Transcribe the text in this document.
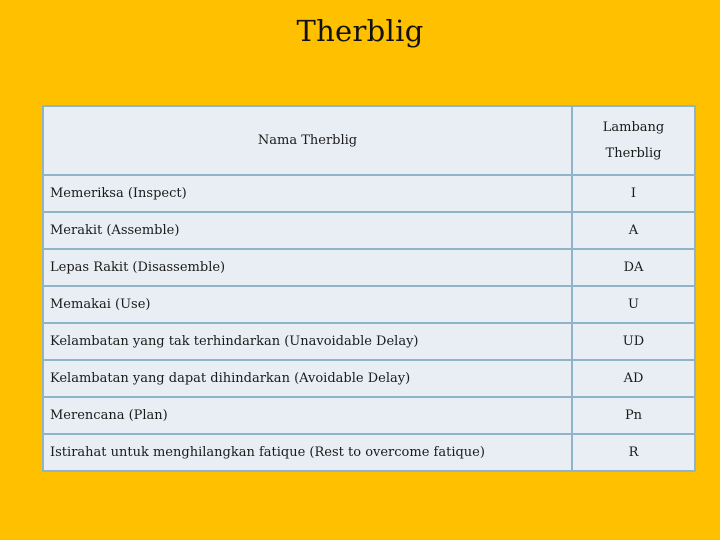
Therblig
Nama Therblig	Lambang Therblig
Memeriksa (Inspect)	I
Merakit (Assemble)	A
Lepas Rakit (Disassemble)	DA
Memakai (Use)	U
Kelambatan yang tak terhindarkan (Unavoidable Delay)	UD
Kelambatan yang dapat dihindarkan (Avoidable Delay)	AD
Merencana (Plan)	Pn
Istirahat untuk menghilangkan fatique (Rest to overcome fatique)	R
